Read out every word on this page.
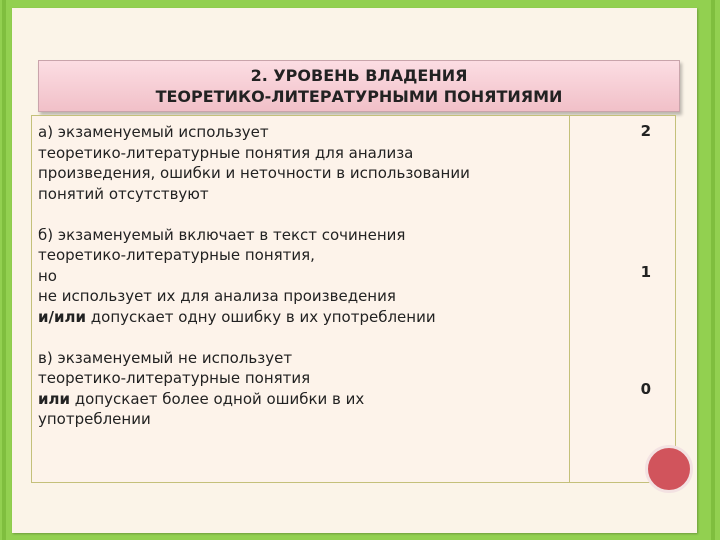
2. УРОВЕНЬ ВЛАДЕНИЯ
ТЕОРЕТИКО-ЛИТЕРАТУРНЫМИ ПОНЯТИЯМИ

а) экзаменуемый использует
теоретико-литературные понятия для анализа
произведения, ошибки и неточности в использовании
понятий отсутствуют

б) экзаменуемый включает в текст сочинения
теоретико-литературные понятия,
но
не использует их для анализа произведения
и/или допускает одну ошибку в их употреблении

в) экзаменуемый не использует
теоретико-литературные понятия
или допускает более одной ошибки в их
употреблении

2
1
0
